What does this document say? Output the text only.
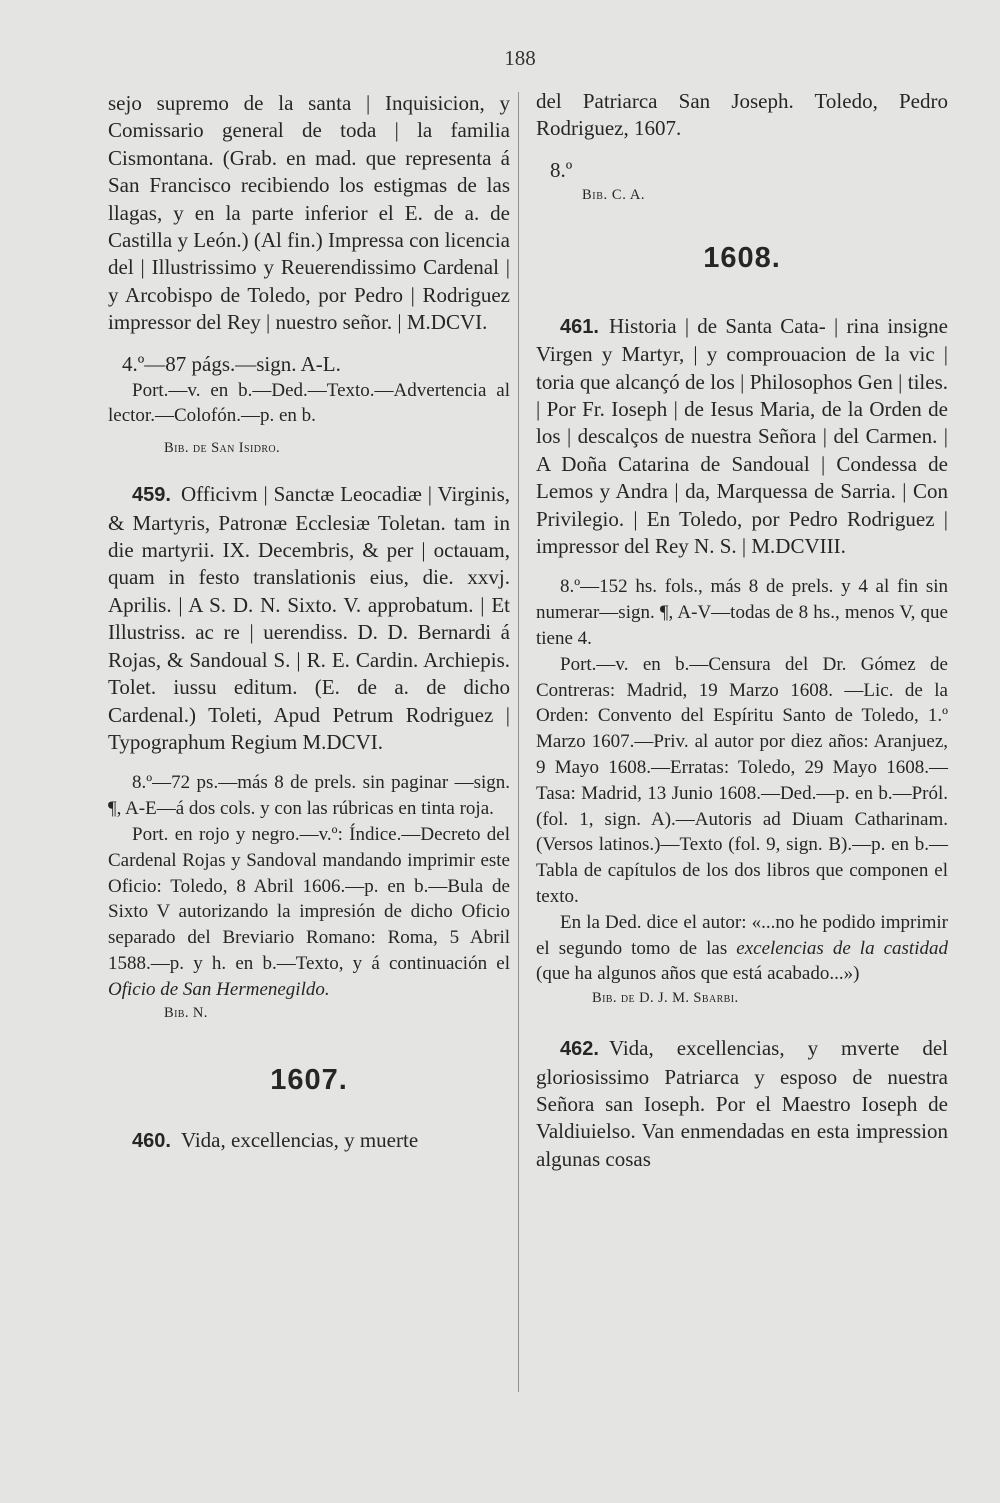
188

sejo supremo de la santa | Inquisicion, y Comissario general de toda | la familia Cismontana. (Grab. en mad. que representa á San Francisco recibiendo los estigmas de las llagas, y en la parte inferior el E. de a. de Castilla y León.) (Al fin.) Impressa con licencia del | Illustrissimo y Reuerendissimo Cardenal | y Arcobispo de Toledo, por Pedro | Rodriguez impressor del Rey | nuestro señor. | M.DCVI.

4.º—87 págs.—sign. A-L.

Port.—v. en b.—Ded.—Texto.—Advertencia al lector.—Colofón.—p. en b.

Bib. de San Isidro.

459. Officivm | Sanctæ Leocadiæ | Virginis, & Martyris, Patronæ Ecclesiæ Toletan. tam in die martyrii. IX. Decembris, & per | octauam, quam in festo translationis eius, die. xxvj. Aprilis. | A S. D. N. Sixto. V. approbatum. | Et Illustriss. ac re | uerendiss. D. D. Bernardi á Rojas, & Sandoual S. | R. E. Cardin. Archiepis. Tolet. iussu editum. (E. de a. de dicho Cardenal.) Toleti, Apud Petrum Rodriguez | Typographum Regium M.DCVI.

8.º—72 ps.—más 8 de prels. sin paginar —sign. ¶, A-E—á dos cols. y con las rúbricas en tinta roja.

Port. en rojo y negro.—v.º: Índice.—Decreto del Cardenal Rojas y Sandoval mandando imprimir este Oficio: Toledo, 8 Abril 1606.—p. en b.—Bula de Sixto V autorizando la impresión de dicho Oficio separado del Breviario Romano: Roma, 5 Abril 1588.—p. y h. en b.—Texto, y á continuación el Oficio de San Hermenegildo.

Bib. N.

1607.

460. Vida, excellencias, y muerte

del Patriarca San Joseph. Toledo, Pedro Rodriguez, 1607.

8.º

Bib. C. A.

1608.

461. Historia | de Santa Cata- | rina insigne Virgen y Martyr, | y comprouacion de la vic | toria que alcançó de los | Philosophos Gen | tiles. | Por Fr. Ioseph | de Iesus Maria, de la Orden de los | descalços de nuestra Señora | del Carmen. | A Doña Catarina de Sandoual | Condessa de Lemos y Andra | da, Marquessa de Sarria. | Con Privilegio. | En Toledo, por Pedro Rodriguez | impressor del Rey N. S. | M.DCVIII.

8.º—152 hs. fols., más 8 de prels. y 4 al fin sin numerar—sign. ¶, A-V—todas de 8 hs., menos V, que tiene 4.

Port.—v. en b.—Censura del Dr. Gómez de Contreras: Madrid, 19 Marzo 1608. —Lic. de la Orden: Convento del Espíritu Santo de Toledo, 1.º Marzo 1607.—Priv. al autor por diez años: Aranjuez, 9 Mayo 1608.—Erratas: Toledo, 29 Mayo 1608.—Tasa: Madrid, 13 Junio 1608.—Ded.—p. en b.—Pról. (fol. 1, sign. A).—Autoris ad Diuam Catharinam. (Versos latinos.)—Texto (fol. 9, sign. B).—p. en b.—Tabla de capítulos de los dos libros que componen el texto.

En la Ded. dice el autor: «...no he podido imprimir el segundo tomo de las excelencias de la castidad (que ha algunos años que está acabado...»)

Bib. de D. J. M. Sbarbi.

462. Vida, excellencias, y mverte del gloriosissimo Patriarca y esposo de nuestra Señora san Ioseph. Por el Maestro Ioseph de Valdiuielso. Van enmendadas en esta impression algunas cosas
